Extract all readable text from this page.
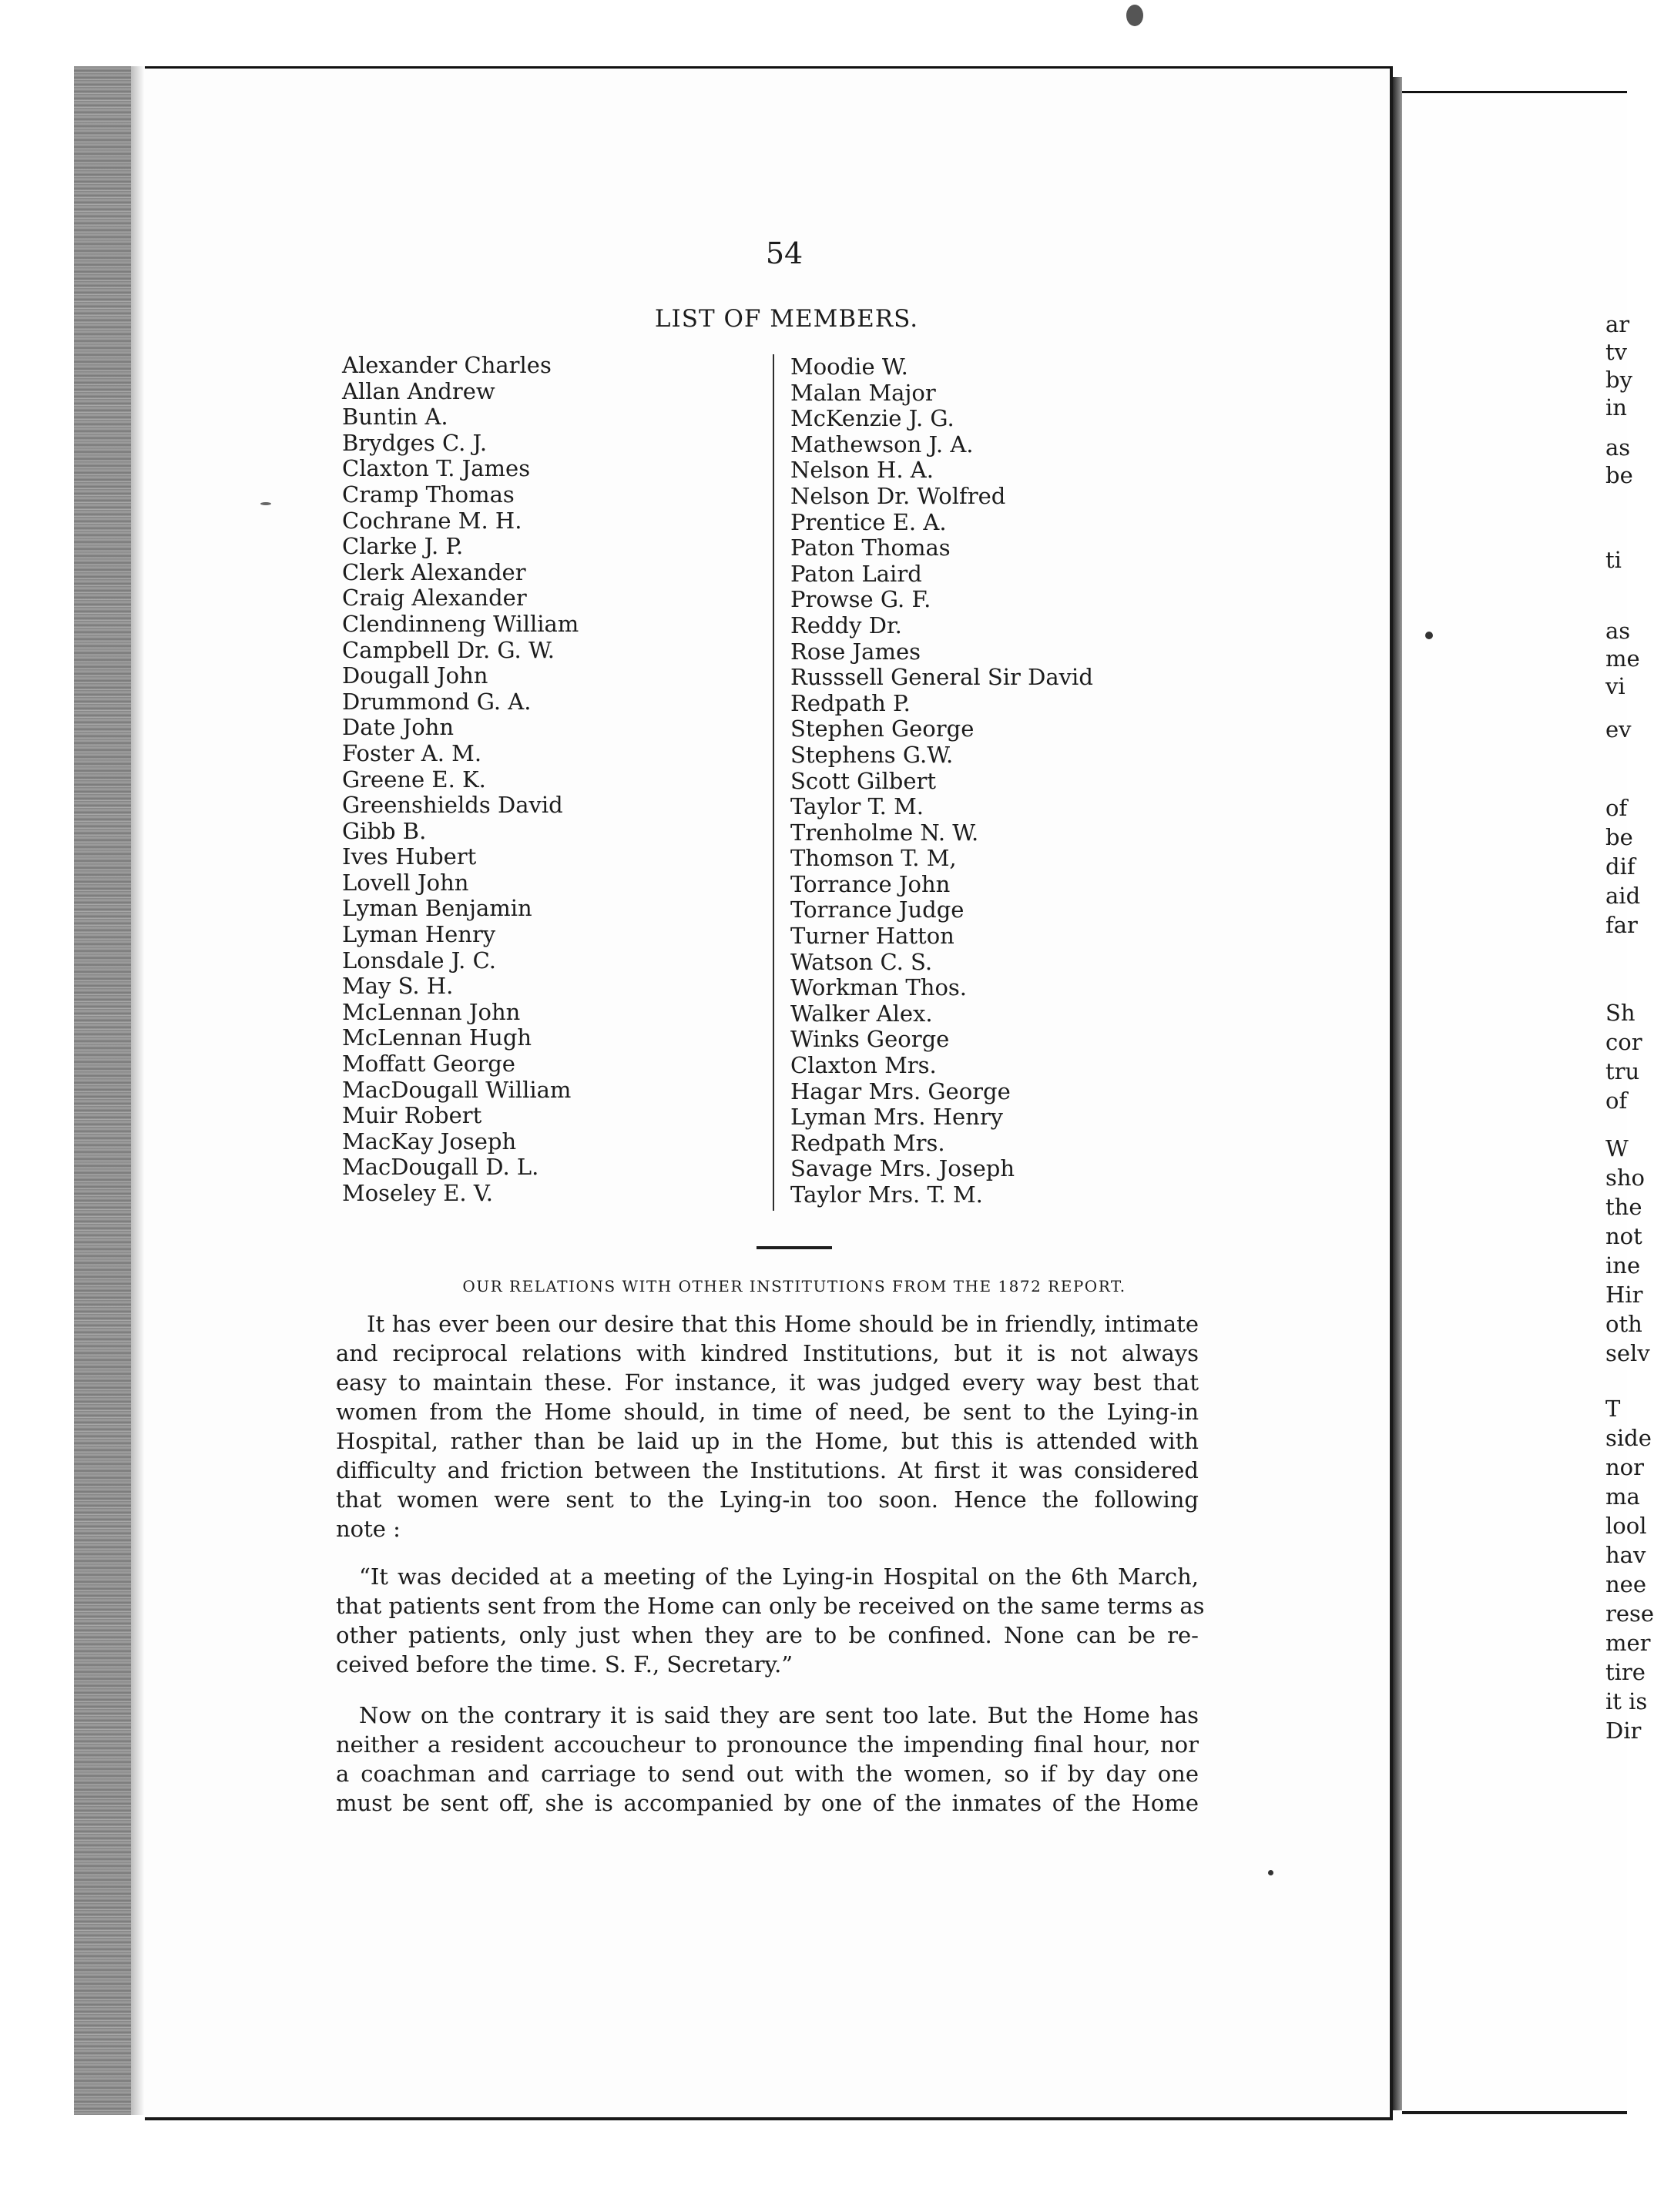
54
LIST OF MEMBERS.
Alexander Charles
Allan Andrew
Buntin A.
Brydges C. J.
Claxton T. James
Cramp Thomas
Cochrane M. H.
Clarke J. P.
Clerk Alexander
Craig Alexander
Clendinneng William
Campbell Dr. G. W.
Dougall John
Drummond G. A.
Date John
Foster A. M.
Greene E. K.
Greenshields David
Gibb B.
Ives Hubert
Lovell John
Lyman Benjamin
Lyman Henry
Lonsdale J. C.
May S. H.
McLennan John
McLennan Hugh
Moffatt George
MacDougall William
Muir Robert
MacKay Joseph
MacDougall D. L.
Moseley E. V.
Moodie W.
Malan Major
McKenzie J. G.
Mathewson J. A.
Nelson H. A.
Nelson Dr. Wolfred
Prentice E. A.
Paton Thomas
Paton Laird
Prowse G. F.
Reddy Dr.
Rose James
Russsell General Sir David
Redpath P.
Stephen George
Stephens G.W.
Scott Gilbert
Taylor T. M.
Trenholme N. W.
Thomson T. M,
Torrance John
Torrance Judge
Turner Hatton
Watson C. S.
Workman Thos.
Walker Alex.
Winks George
Claxton Mrs.
Hagar Mrs. George
Lyman Mrs. Henry
Redpath Mrs.
Savage Mrs. Joseph
Taylor Mrs. T. M.
OUR RELATIONS WITH OTHER INSTITUTIONS FROM THE 1872 REPORT.
It has ever been our desire that this Home should be in friendly, intimate
and reciprocal relations with kindred Institutions, but it is not always
easy to maintain these. For instance, it was judged every way best that
women from the Home should, in time of need, be sent to the Lying-in
Hospital, rather than be laid up in the Home, but this is attended with
difficulty and friction between the Institutions. At first it was considered
that women were sent to the Lying-in too soon. Hence the following
note :
“It was decided at a meeting of the Lying-in Hospital on the 6th March,
that patients sent from the Home can only be received on the same terms as
other patients, only just when they are to be confined. None can be re-
ceived before the time. S. F., Secretary.”
Now on the contrary it is said they are sent too late. But the Home has
neither a resident accoucheur to pronounce the impending final hour, nor
a coachman and carriage to send out with the women, so if by day one
must be sent off, she is accompanied by one of the inmates of the Home
ar
tv
by
in
as
be
ti
as
me
vi
ev
of
be
dif
aid
far
Sh
cor
tru
of
W
sho
the
not
ine
Hir
oth
selv
T
side
nor
ma
lool
hav
nee
rese
mer
tire
it is
Dir
